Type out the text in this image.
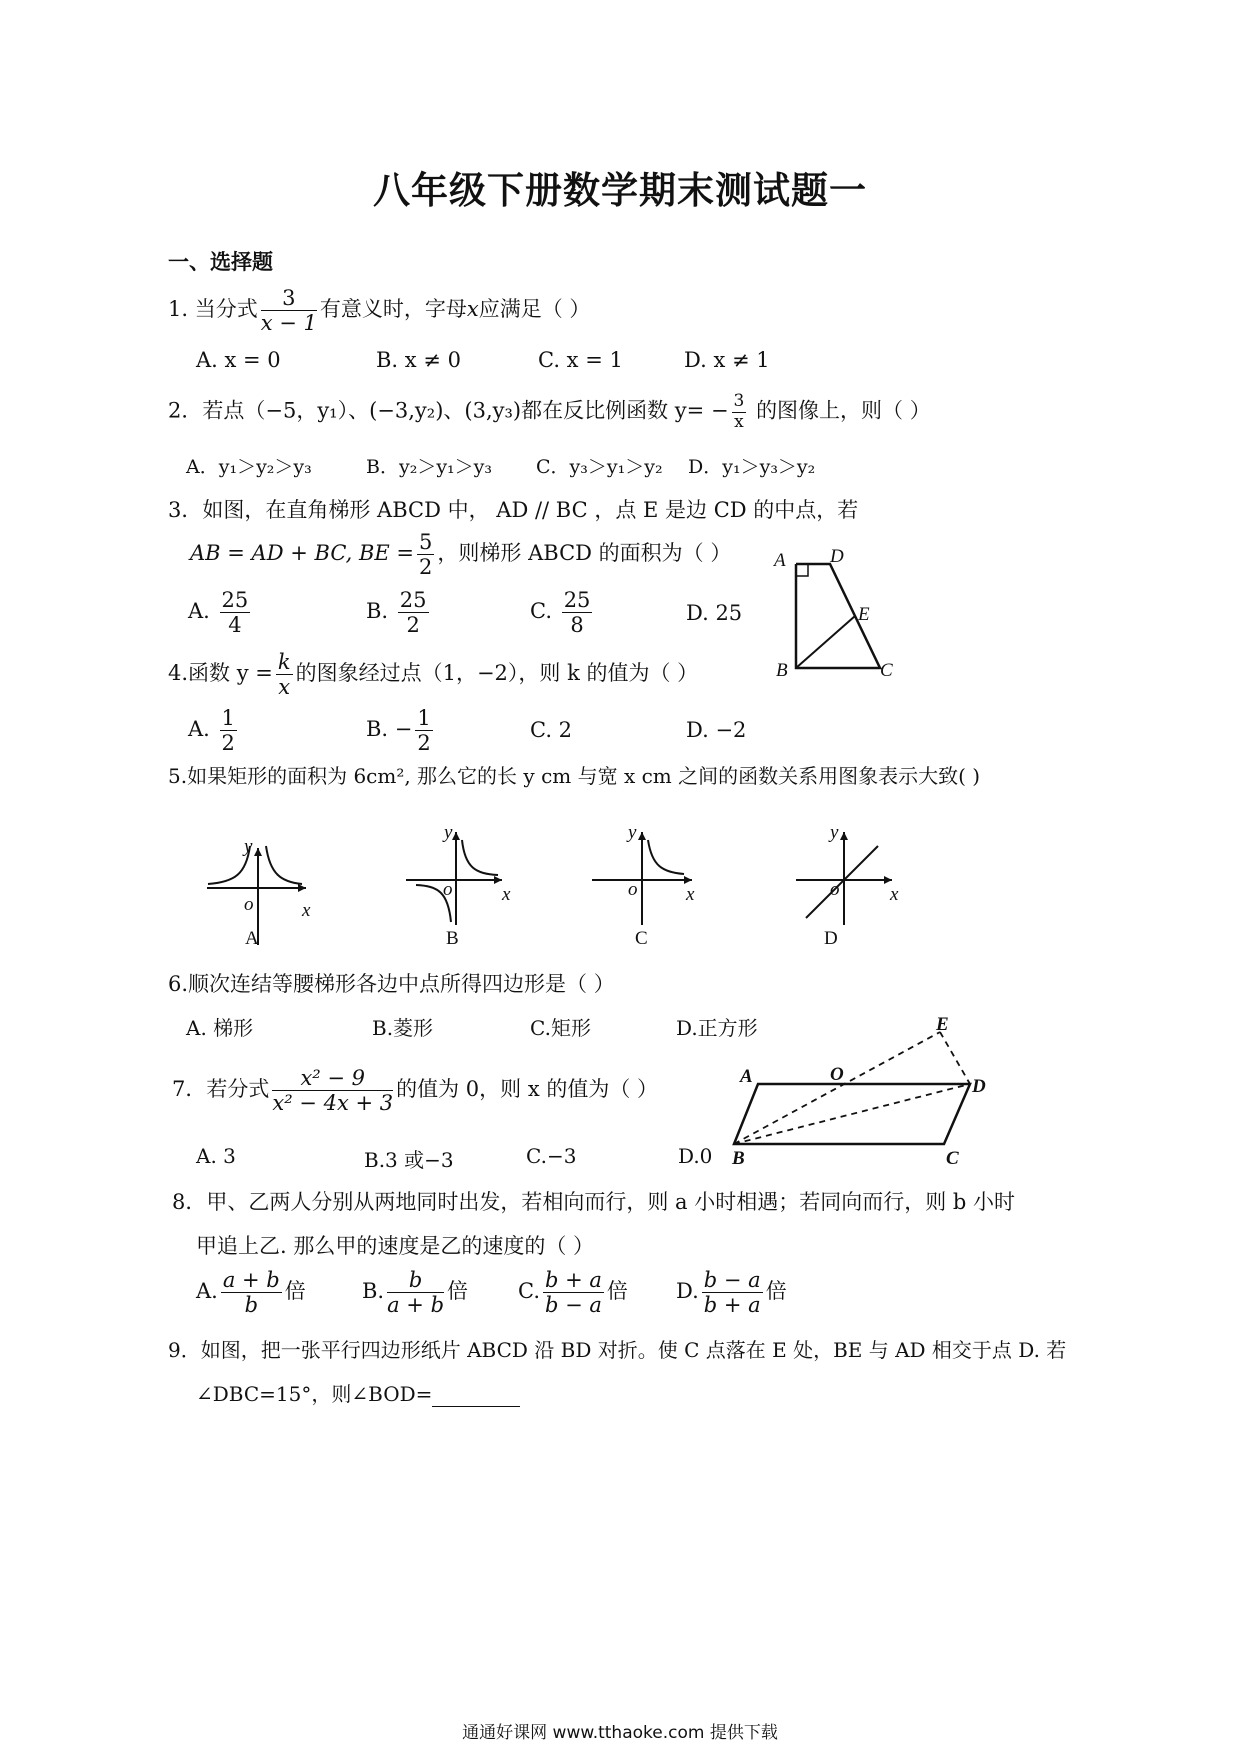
八年级下册数学期末测试题一
一、选择题
1. 当分式 $\frac{3}{x - 1}$ 有意义时，字母x应满足（ ）
A. x = 0	B. x ≠ 0	C. x = 1	D. x ≠ 1
2．若点（−5，y₁）、(−3,y₂)、(3,y₃)都在反比例函数 $y= - \frac{3}{x}$ 的图像上，则（ ）
A．y₁＞y₂＞y₃	B．y₂＞y₁＞y₃ C．y₃＞y₁＞y₂ D．y₁＞y₃＞y₂
3．如图，在直角梯形 ABCD 中， AD // BC ，点 E 是边 CD 的中点，若
AB = AD + BC, BE = $\frac{5}{2}$ ，则梯形 ABCD 的面积为（ ）
A. $\frac{25}{4}$	B. $\frac{25}{2}$	C. $\frac{25}{8}$	D. 25
A D
E
B	C
4.函数 $y = \frac{k}{x}$ 的图象经过点（1，−2），则 k 的值为（ ）
A. $\frac{1}{2}$	B. − $\frac{1}{2}$	C. 2	D. −2
5.如果矩形的面积为 6cm², 那么它的长 y cm 与宽 x cm 之间的函数关系用图象表示大致( )
y
o	x
A
y
o	x
B
y
o	x
C
y
o	x
D
6.顺次连结等腰梯形各边中点所得四边形是（ ）
A. 梯形	B.菱形	C.矩形	D.正方形
7．若分式 $\frac{\text{x² − 9}}{\text{x² − 4x + 3}}$ 的值为 0，则 x 的值为（ ）
A. 3	B.3 或−3	C.−3	D.0
A	O
D
E
B	C
8．甲、乙两人分别从两地同时出发，若相向而行，则 a 小时相遇；若同向而行，则 b 小时
甲追上乙. 那么甲的速度是乙的速度的（ ）
A. $\frac{a + b}{b}$ 倍	B. $\frac{b}{a + b}$ 倍 C. $\frac{b + a}{b - a}$ 倍 D. $\frac{b - a}{b + a}$ 倍
9．如图，把一张平行四边形纸片 ABCD 沿 BD 对折。使 C 点落在 E 处，BE 与 AD 相交于点 D. 若
∠DBC=15°，则∠BOD=
通通好课网 www.tthaoke.com 提供下载
